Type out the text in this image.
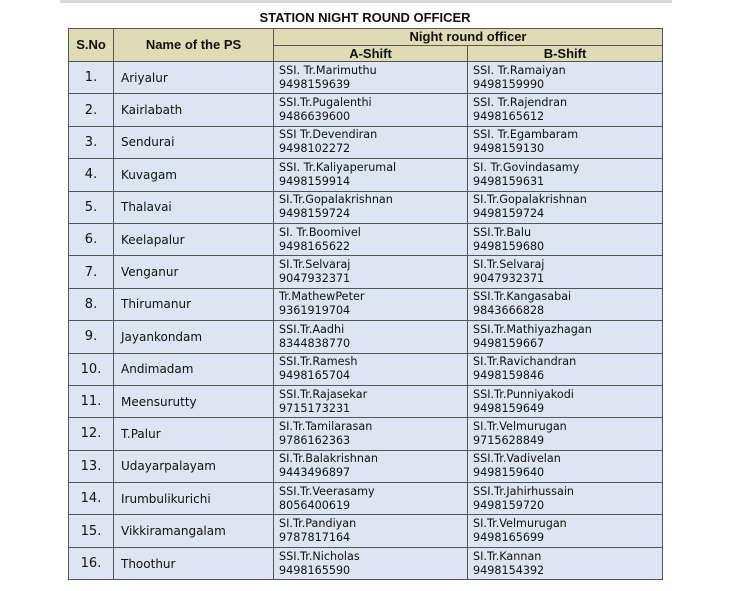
STATION NIGHT ROUND OFFICER
S.No	Name of the PS	Night round officer	
		A-Shift	B-Shift
1.	Ariyalur	SSI. Tr.Marimuthu
9498159639	SSI. Tr.Ramaiyan
9498159990

2.	Kairlabath	SSI.Tr.Pugalenthi
9486639600	SSI. Tr.Rajendran
9498165612

3.	Sendurai	SSI Tr.Devendiran
9498102272	SSI. Tr.Egambaram
9498159130

4.	Kuvagam	SSI. Tr.Kaliyaperumal
9498159914	SI. Tr.Govindasamy
9498159631

5.	Thalavai	SI.Tr.Gopalakrishnan
9498159724	SI.Tr.Gopalakrishnan
9498159724

6.	Keelapalur	SI. Tr.Boomivel
9498165622	SSI.Tr.Balu
9498159680

7.	Venganur	SI.Tr.Selvaraj
9047932371	SI.Tr.Selvaraj
9047932371

8.	Thirumanur	Tr.MathewPeter
9361919704	SSI.Tr.Kangasabai
9843666828

9.	Jayankondam	SSI.Tr.Aadhi
8344838770	SSI.Tr.Mathiyazhagan
9498159667

10.	Andimadam	SSI.Tr.Ramesh
9498165704	SI.Tr.Ravichandran
9498159846

11.	Meensurutty	SSI.Tr.Rajasekar
9715173231	SSI.Tr.Punniyakodi
9498159649

12.	T.Palur	SI.Tr.Tamilarasan
9786162363	SI.Tr.Velmurugan
9715628849

13.	Udayarpalayam	SI.Tr.Balakrishnan
9443496897	SSI.Tr.Vadivelan
9498159640

14.	Irumbulikurichi	SSI.Tr.Veerasamy
8056400619	SSI.Tr.Jahirhussain
9498159720

15.	Vikkiramangalam	SI.Tr.Pandiyan
9787817164	SI.Tr.Velmurugan
9498165699

16.	Thoothur	SSI.Tr.Nicholas
9498165590	SI.Tr.Kannan
9498154392
